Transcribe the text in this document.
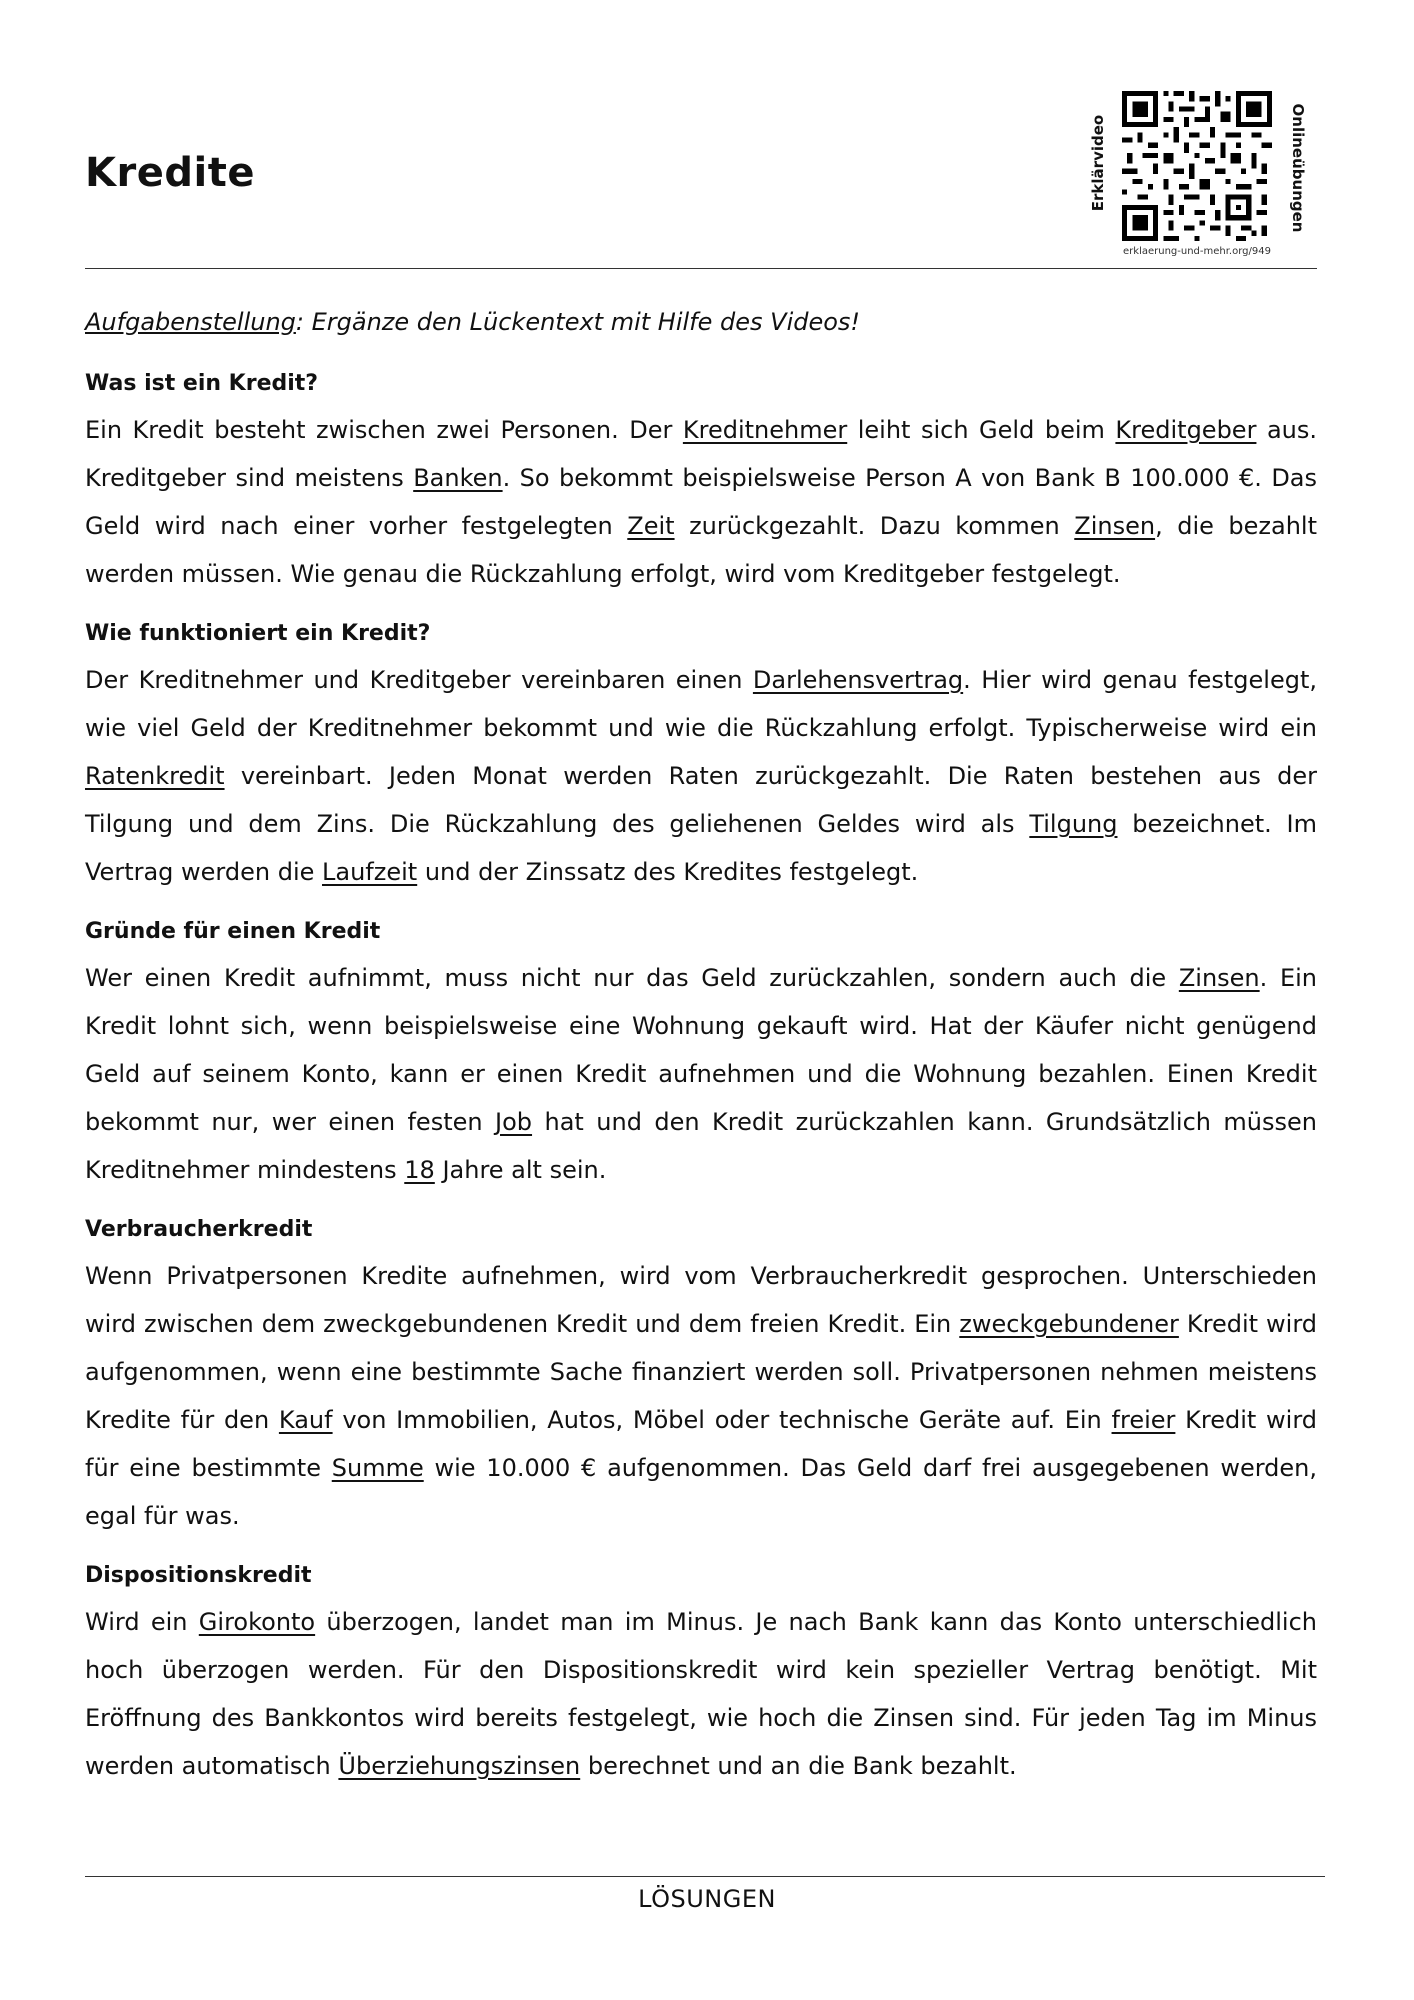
Kredite	Erklärvideo
erklaerung-und-mehr.org/949
Onlineübungen
Aufgabenstellung: Ergänze den Lückentext mit Hilfe des Videos!
Was ist ein Kredit?

Ein Kredit besteht zwischen zwei Personen. Der Kreditnehmer leiht sich Geld beim Kreditgeber aus. Kreditgeber sind meistens Banken. So bekommt beispielsweise Person A von Bank B 100.000 €. Das Geld wird nach einer vorher festgelegten Zeit zurückgezahlt. Dazu kommen Zinsen, die bezahlt werden müssen. Wie genau die Rückzahlung erfolgt, wird vom Kreditgeber festgelegt.

Wie funktioniert ein Kredit?

Der Kreditnehmer und Kreditgeber vereinbaren einen Darlehensvertrag. Hier wird genau festgelegt, wie viel Geld der Kreditnehmer bekommt und wie die Rückzahlung erfolgt. Typischerweise wird ein Ratenkredit vereinbart. Jeden Monat werden Raten zurückgezahlt. Die Raten bestehen aus der Tilgung und dem Zins. Die Rückzahlung des geliehenen Geldes wird als Tilgung bezeichnet. Im Vertrag werden die Laufzeit und der Zinssatz des Kredites festgelegt.

Gründe für einen Kredit

Wer einen Kredit aufnimmt, muss nicht nur das Geld zurückzahlen, sondern auch die Zinsen. Ein Kredit lohnt sich, wenn beispielsweise eine Wohnung gekauft wird. Hat der Käufer nicht genügend Geld auf seinem Konto, kann er einen Kredit aufnehmen und die Wohnung bezahlen. Einen Kredit bekommt nur, wer einen festen Job hat und den Kredit zurückzahlen kann. Grundsätzlich müssen Kreditnehmer mindestens 18 Jahre alt sein.

Verbraucherkredit

Wenn Privatpersonen Kredite aufnehmen, wird vom Verbraucherkredit gesprochen. Unterschieden wird zwischen dem zweckgebundenen Kredit und dem freien Kredit. Ein zweckgebundener Kredit wird aufgenommen, wenn eine bestimmte Sache finanziert werden soll. Privatpersonen nehmen meistens Kredite für den Kauf von Immobilien, Autos, Möbel oder technische Geräte auf. Ein freier Kredit wird für eine bestimmte Summe wie 10.000 € aufgenommen. Das Geld darf frei ausgegebenen werden, egal für was.

Dispositionskredit

Wird ein Girokonto überzogen, landet man im Minus. Je nach Bank kann das Konto unterschiedlich hoch überzogen werden. Für den Dispositionskredit wird kein spezieller Vertrag benötigt. Mit Eröffnung des Bankkontos wird bereits festgelegt, wie hoch die Zinsen sind. Für jeden Tag im Minus werden automatisch Überziehungszinsen berechnet und an die Bank bezahlt.

LÖSUNGEN
